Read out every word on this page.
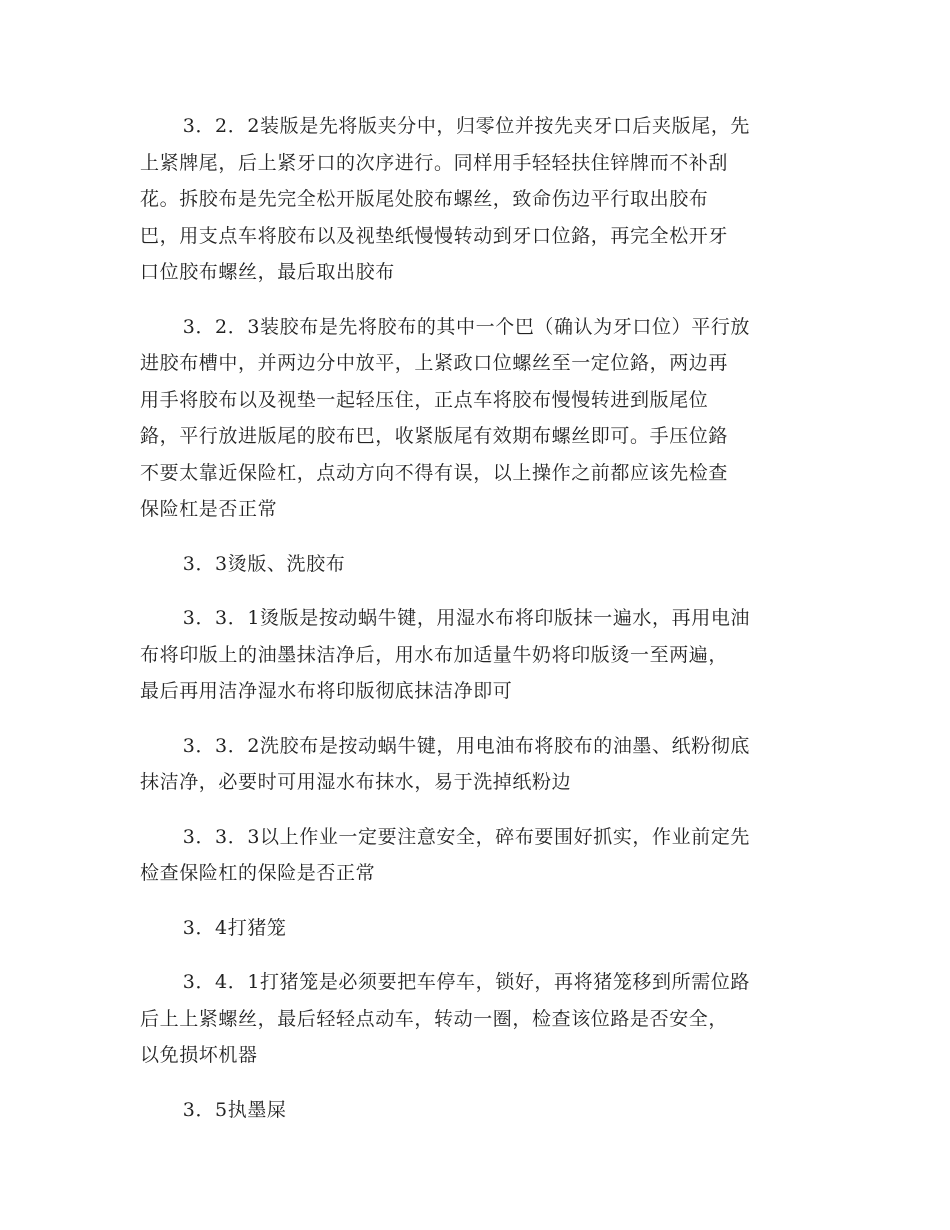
3．2．2装版是先将版夹分中，归零位并按先夹牙口后夹版尾，先
上紧牌尾，后上紧牙口的次序进行。同样用手轻轻扶住锌牌而不补刮
花。拆胶布是先完全松开版尾处胶布螺丝，致命伤边平行取出胶布
巴，用支点车将胶布以及视垫纸慢慢转动到牙口位鉻，再完全松开牙
口位胶布螺丝，最后取出胶布

3．2．3装胶布是先将胶布的其中一个巴（确认为牙口位）平行放
进胶布槽中，并两边分中放平，上紧政口位螺丝至一定位鉻，两边再
用手将胶布以及视垫一起轻压住，正点车将胶布慢慢转进到版尾位
鉻，平行放进版尾的胶布巴，收紧版尾有效期布螺丝即可。手压位鉻
不要太靠近保险杠，点动方向不得有误，以上操作之前都应该先检查
保险杠是否正常

3．3烫版、洗胶布

3．3．1烫版是按动蜗牛键，用湿水布将印版抹一遍水，再用电油
布将印版上的油墨抹洁净后，用水布加适量牛奶将印版烫一至两遍，
最后再用洁净湿水布将印版彻底抹洁净即可

3．3．2洗胶布是按动蜗牛键，用电油布将胶布的油墨、纸粉彻底
抹洁净，必要时可用湿水布抹水，易于洗掉纸粉边

3．3．3以上作业一定要注意安全，碎布要围好抓实，作业前定先
检查保险杠的保险是否正常

3．4打猪笼

3．4．1打猪笼是必须要把车停车，锁好，再将猪笼移到所需位路
后上上紧螺丝，最后轻轻点动车，转动一圈，检查该位路是否安全，
以免损坏机器

3．5执墨屎
